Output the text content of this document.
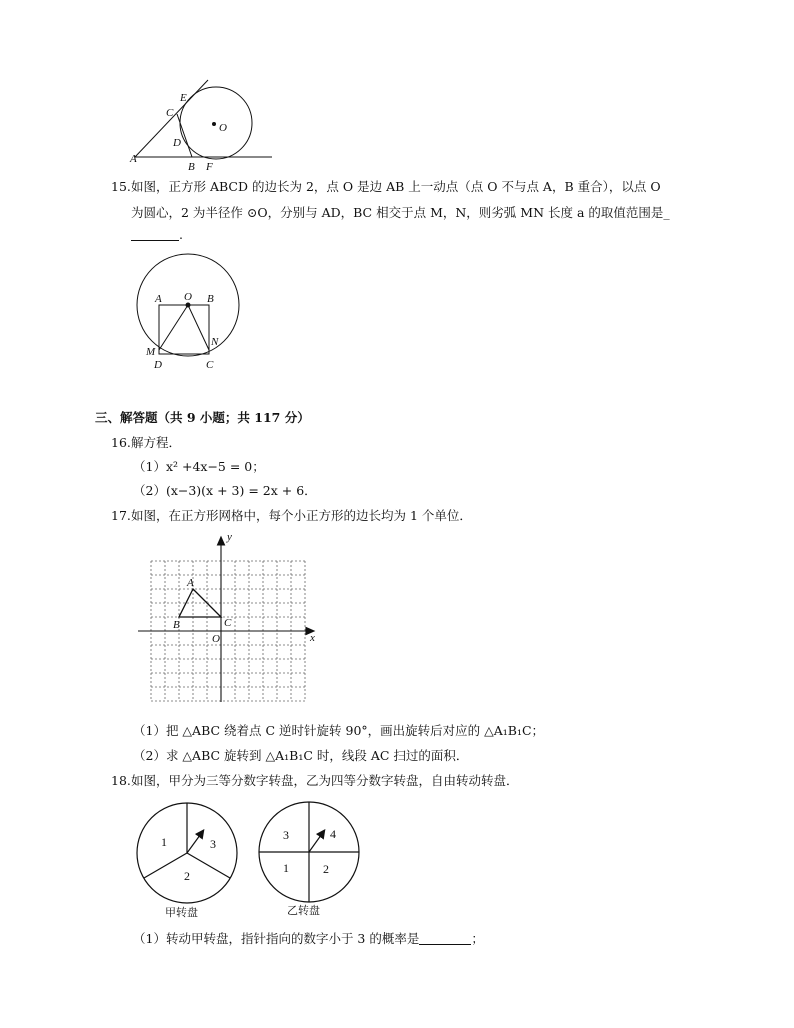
E
C
O
D
A
B F
15. 如图，正方形 ABCD 的边长为 2，点 O 是边 AB 上一动点（点 O 不与点 A，B 重合），以点 O
为圆心，2 为半径作 ⊙O，分别与 AD，BC 相交于点 M，N，则劣弧 MN 长度 a 的取值范围是_
.
A O B
M
N
D	C
三、解答题（共 9 小题；共 117 分）
16. 解方程．
（1）x² +4x−5 = 0；
（2）(x−3)(x + 3) = 2x + 6．
17. 如图，在正方形网格中，每个小正方形的边长均为 1 个单位．
y
x
A
B	C
O
（1）把 △ABC 绕着点 C 逆时针旋转 90°，画出旋转后对应的 △A₁B₁C；
（2）求 △ABC 旋转到 △A₁B₁C 时，线段 AC 扫过的面积．
18. 如图，甲分为三等分数字转盘，乙为四等分数字转盘，自由转动转盘．
1	3
2
甲转盘
3	4
1	2
乙转盘
（1）转动甲转盘，指针指向的数字小于 3 的概率是	；
